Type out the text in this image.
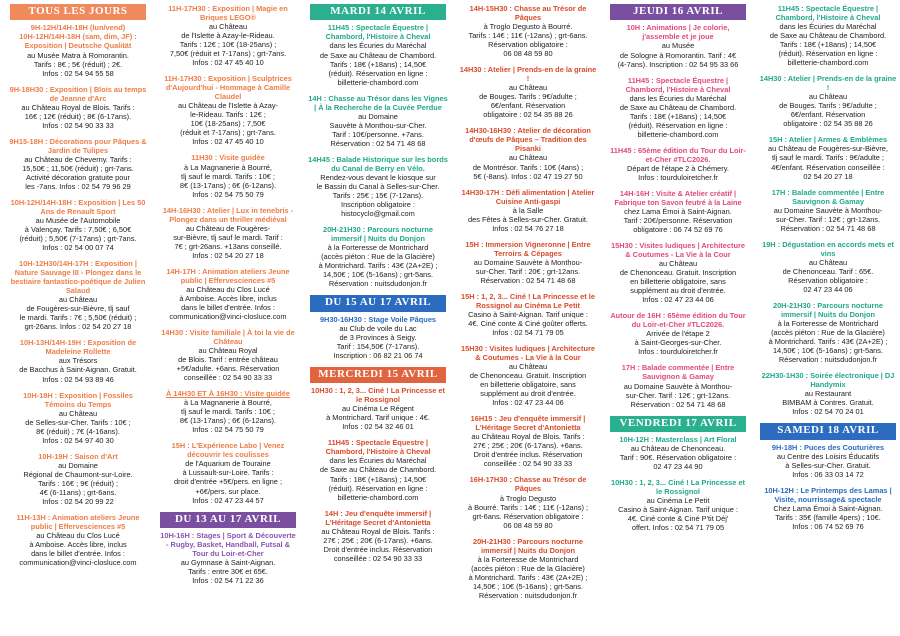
TOUS LES JOURS
9H-12H/14H-18H (lun/vend)
10H-12H/14H-18H (sam, dim, JF) : Exposition | Deutsche Qualität
au Musée Matra à Romorantin.
Tarifs : 8€ ; 5€ (réduit) ; 2€.
Infos : 02 54 94 55 58
9H-18H30 : Exposition | Blois au temps de Jeanne d'Arc
au Château Royal de Blois. Tarifs :
16€ ; 12€ (réduit) ; 8€ (6-17ans).
Infos : 02 54 90 33 33
9H15-18H : Décorations pour Pâques & Jardin de Tulipes
au Château de Cheverny. Tarifs :
15,50€ ; 11,50€ (réduit) ; grt-7ans.
Activité décoration gratuite pour
les -7ans. Infos : 02 54 79 96 29
10H-12H/14H-18H : Exposition | Les 50 Ans de Renault Sport
au Musée de l'Automobile
à Valençay. Tarifs : 7,50€ ; 6,50€
(réduit) ; 5,50€ (7-17ans) ; grt-7ans.
Infos : 02 54 00 07 74
10H-12H30/14H-17H : Exposition | Nature Sauvage III - Plongez dans le bestiaire fantastico-poétique de Julien Salaud
au Château
de Fougères-sur-Bièvre, tlj sauf
le mardi. Tarifs : 7€ ; 5,50€ (réduit) ;
grt-26ans. Infos : 02 54 20 27 18
10H-13H/14H-19H : Exposition de Madeleine Rollette
aux Trésors
de Bacchus à Saint-Aignan. Gratuit.
Infos : 02 54 93 89 46
10H-18H : Exposition | Fossiles Témoins du Temps
au Château
de Selles-sur-Cher. Tarifs : 10€ ;
8€ (réduit) ; 7€ (4-16ans).
Infos : 02 54 97 40 30
10H-19H : Saison d'Art
au Domaine
Régional de Chaumont-sur-Loire.
Tarifs : 16€ ; 9€ (réduit) ;
4€ (6-11ans) ; grt-6ans.
Infos : 02 54 20 99 22
11H-13H : Animation ateliers Jeune public | Effervesciences #5
au Château du Clos Lucé
à Amboise. Accès libre, inclus
dans le billet d'entrée. Infos :
communication@vinci-closluce.com
11H-17H30 : Exposition | Magie en Briques LEGO®
au Château
de l'Islette à Azay-le-Rideau.
Tarifs : 12€ ; 10€ (18-25ans) ;
7,50€ (réduit et 7-17ans) ; grt-7ans.
Infos : 02 47 45 40 10
11H-17H30 : Exposition | Sculptrices d'Aujourd'hui - Hommage à Camille Claudel
au Château de l'Islette à Azay-
le-Rideau. Tarifs : 12€ ;
10€ (18-25ans) ; 7,50€
(réduit et 7-17ans) ; grt-7ans.
Infos : 02 47 45 40 10
11H30 : Visite guidée
à La Magnanerie à Bourré,
tlj sauf le mardi. Tarifs : 10€ ;
8€ (13-17ans) ; 6€ (6-12ans).
Infos : 02 54 75 50 79
14H-16H30 : Atelier | Lux in tenebris - Plongez dans un thriller médiéval
au Château de Fougères-
sur-Bièvre, tlj sauf le mardi. Tarif :
7€ ; grt-26ans. +13ans conseillé.
Infos : 02 54 20 27 18
14H-17H : Animation ateliers Jeune public | Effervesciences #5
au Château du Clos Lucé
à Amboise. Accès libre, inclus
dans le billet d'entrée. Infos :
communication@vinci-closluce.com
14H30 : Visite familiale | À toi la vie de Château
au Château Royal
de Blois. Tarif : entrée château
+5€/adulte. +6ans. Réservation
conseillée : 02 54 90 33 33
À 14H30 ET À 16H30 : Visite guidée
à La Magnanerie à Bourré,
tlj sauf le mardi. Tarifs : 10€ ;
8€ (13-17ans) ; 6€ (6-12ans).
Infos : 02 54 75 50 79
15H : L'Expérience Labo | Venez découvrir les coulisses
de l'Aquarium de Touraine
à Lussault-sur-Loire. Tarifs :
droit d'entrée +5€/pers. en ligne ;
+6€/pers. sur place.
Infos : 02 47 23 44 57
DU 13 AU 17 AVRIL
10H-16H : Stages | Sport & Découverte - Rugby, Basket, Handball, Futsal & Tour du Loir-et-Cher
au Gymnase à Saint-Aignan.
Tarifs : entre 30€ et 65€.
Infos : 02 54 71 22 36
MARDI 14 AVRIL
11H45 : Spectacle Équestre | Chambord, l'Histoire à Cheval
dans les Écuries du Maréchal
de Saxe au Château de Chambord.
Tarifs : 18€ (+18ans) ; 14,50€
(réduit). Réservation en ligne :
billetterie-chambord.com
14H : Chasse au Trésor dans les Vignes | À la Recherche de la Cuvée Perdue
au Domaine
Sauvète à Monthou-sur-Cher.
Tarif : 10€/personne. +7ans.
Réservation : 02 54 71 48 68
14H45 : Balade Historique sur les bords du Canal de Berry en Vélo.
Rendez-vous devant le kiosque sur
le Bassin du Canal à Selles-sur-Cher.
Tarifs : 25€ ; 15€ (7-12ans).
Inscription obligatoire :
histocyclo@gmail.com
20H-21H30 : Parcours nocturne immersif | Nuits du Donjon
à la Forteresse de Montrichard
(accès piéton : Rue de la Glacière)
à Montrichard. Tarifs : 43€ (2A+2E) ;
14,50€ ; 10€ (5-16ans) ; grt-5ans.
Réservation : nuitsdudonjon.fr
DU 15 AU 17 AVRIL
9H30-16H30 : Stage Voile Pâques
au Club de voile du Lac
de 3 Provinces à Seigy.
Tarif : 154,50€ (7-17ans).
Inscription : 06 82 21 06 74
MERCREDI 15 AVRIL
10H30 : 1, 2, 3... Ciné ! La Princesse et le Rossignol
au Cinéma Le Régent
à Montrichard. Tarif unique : 4€.
Infos : 02 54 32 46 01
11H45 : Spectacle Équestre | Chambord, l'Histoire à Cheval
dans les Écuries du Maréchal
de Saxe au Château de Chambord.
Tarifs : 18€ (+18ans) ; 14,50€
(réduit). Réservation en ligne :
billetterie-chambord.com
14H : Jeu d'enquête immersif | L'Héritage Secret d'Antonietta
au Château Royal de Blois. Tarifs :
27€ ; 25€ ; 20€ (6-17ans). +6ans.
Droit d'entrée inclus. Réservation
conseillée : 02 54 90 33 33
14H-15H30 : Chasse au Trésor de Pâques
à Troglo Degusto à Bourré.
Tarifs : 14€ ; 11€ (-12ans) ; grt-6ans.
Réservation obligatoire :
06 08 48 59 80
14H30 : Atelier | Prends-en de la graine !
au Château
de Bouges. Tarifs : 9€/adulte ;
6€/enfant. Réservation
obligatoire : 02 54 35 88 26
14H30-16H30 : Atelier de décoration d'œufs de Pâques – Tradition des Pisanki
au Château
de Montrésor. Tarifs : 10€ (4ans) ;
5€ (-8ans). Infos : 02 47 19 27 50
14H30-17H : Défi alimentation | Atelier Cuisine Anti-gaspi
à la Salle
des Fêtes à Selles-sur-Cher. Gratuit.
Infos : 02 54 76 27 18
15H : Immersion Vigneronne | Entre Terroirs & Cépages
au Domaine Sauvète à Monthou-
sur-Cher. Tarif : 20€ ; grt-12ans.
Réservation : 02 54 71 48 68
15H : 1, 2, 3... Ciné ! La Princesse et le Rossignol au Cinéma Le Petit
Casino à Saint-Aignan. Tarif unique :
4€. Ciné conte & Ciné goûter offerts.
Infos : 02 54 71 79 05
15H30 : Visites ludiques | Architecture & Coutumes - La Vie à la Cour
au Château
de Chenonceau. Gratuit. Inscription
en billetterie obligatoire, sans
supplément au droit d'entrée.
Infos : 02 47 23 44 06
16H15 : Jeu d'enquête immersif | L'Héritage Secret d'Antonietta
au Château Royal de Blois. Tarifs :
27€ ; 25€ ; 20€ (6-17ans). +6ans.
Droit d'entrée inclus. Réservation
conseillée : 02 54 90 33 33
16H-17H30 : Chasse au Trésor de Pâques
à Troglo Degusto
à Bourré. Tarifs : 14€ ; 11€ (-12ans) ;
grt-6ans. Réservation obligatoire :
06 08 48 59 80
20H-21H30 : Parcours nocturne immersif | Nuits du Donjon
à la Forteresse de Montrichard
(accès piéton : Rue de la Glacière)
à Montrichard. Tarifs : 43€ (2A+2E) ;
14,50€ ; 10€ (5-16ans) ; grt-5ans.
Réservation : nuitsdudonjon.fr
JEUDI 16 AVRIL
10H : Animations | Je colorie, j'assemble et je joue
au Musée
de Sologne à Romorantin. Tarif : 4€
(4-7ans). Inscription : 02 54 95 33 66
11H45 : Spectacle Équestre | Chambord, l'Histoire à Cheval
dans les Écuries du Maréchal
de Saxe au Château de Chambord.
Tarifs : 18€ (+18ans) ; 14,50€
(réduit). Réservation en ligne :
billetterie-chambord.com
11H45 : 65ème édition du Tour du Loir-et-Cher #TLC2026.
Départ de l'étape 2 à Chémery.
Infos : tourduloiretcher.fr
14H-16H : Visite & Atelier créatif | Fabrique ton Savon feutré à la Laine
chez Lama Émoi à Saint-Aignan.
Tarif : 20€/personne. Réservation
obligatoire : 06 74 52 69 76
15H30 : Visites ludiques | Architecture & Coutumes - La Vie à la Cour
au Château
de Chenonceau. Gratuit. Inscription
en billetterie obligatoire, sans
supplément au droit d'entrée.
Infos : 02 47 23 44 06
Autour de 16H : 65ème édition du Tour du Loir-et-Cher #TLC2026.
Arrivée de l'étape 2
à Saint-Georges-sur-Cher.
Infos : tourduloiretcher.fr
17H : Balade commentée | Entre Sauvignon & Gamay
au Domaine Sauvète à Monthou-
sur-Cher. Tarif : 12€ ; grt-12ans.
Réservation : 02 54 71 48 68
VENDREDI 17 AVRIL
10H-12H : Masterclass | Art Floral
au Château de Chenonceau.
Tarif : 90€. Réservation obligatoire :
02 47 23 44 90
10H30 : 1, 2, 3... Ciné ! La Princesse et le Rossignol
au Cinéma Le Petit
Casino à Saint-Aignan. Tarif unique :
4€. Ciné conte & Ciné P'tit Déj'
offert. Infos : 02 54 71 79 05
11H45 : Spectacle Équestre | Chambord, l'Histoire à Cheval
dans les Écuries du Maréchal
de Saxe au Château de Chambord.
Tarifs : 18€ (+18ans) ; 14,50€
(réduit). Réservation en ligne :
billetterie-chambord.com
14H30 : Atelier | Prends-en de la graine !
au Château
de Bouges. Tarifs : 9€/adulte ;
6€/enfant. Réservation
obligatoire : 02 54 35 88 26
15H : Atelier | Armes & Emblèmes
au Château de Fougères-sur-Bièvre,
tlj sauf le mardi. Tarifs : 9€/adulte ;
4€/enfant. Réservation conseillée :
02 54 20 27 18
17H : Balade commentée | Entre Sauvignon & Gamay
au Domaine Sauvète à Monthou-
sur-Cher. Tarif : 12€ ; grt-12ans.
Réservation : 02 54 71 48 68
19H : Dégustation en accords mets et vins
au Château
de Chenonceau. Tarif : 65€.
Réservation obligatoire :
02 47 23 44 06
20H-21H30 : Parcours nocturne immersif | Nuits du Donjon
à la Forteresse de Montrichard
(accès piéton : Rue de la Glacière)
à Montrichard. Tarifs : 43€ (2A+2E) ;
14,50€ ; 10€ (5-16ans) ; grt-5ans.
Réservation : nuitsdudonjon.fr
22H30-1H30 : Soirée électronique | DJ Handymix
au Restaurant
BIMBAM à Contres. Gratuit.
Infos : 02 54 70 24 01
SAMEDI 18 AVRIL
9H-18H : Puces des Couturières
au Centre des Loisirs Éducatifs
à Selles-sur-Cher. Gratuit.
Infos : 06 33 03 14 72
10H-12H : Le Printemps des Lamas | Visite, nourrissage& spectacle
Chez Lama Émoi à Saint-Aignan.
Tarifs : 35€ (famille 4pers) ; 10€.
Infos : 06 74 52 69 76
